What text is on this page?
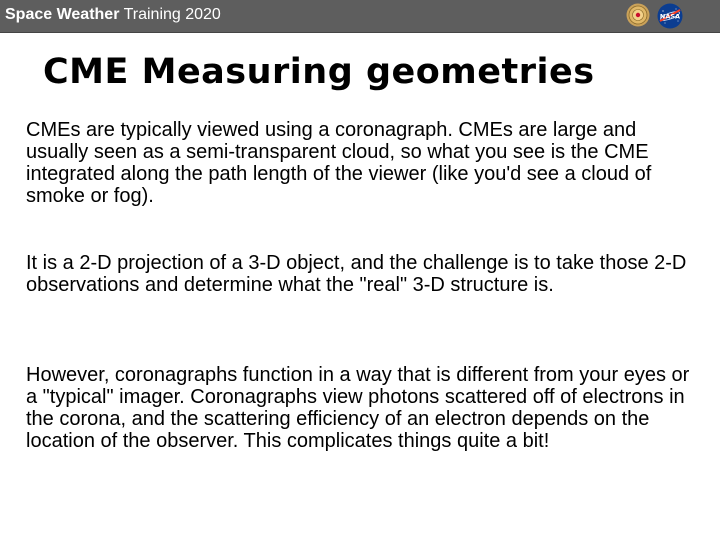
Space Weather Training 2020	NASA
CME Measuring geometries

CMEs are typically viewed using a coronagraph. CMEs are large and usually seen as a semi-transparent cloud, so what you see is the CME integrated along the path length of the viewer (like you'd see a cloud of smoke or fog).

It is a 2-D projection of a 3-D object, and the challenge is to take those 2-D observations and determine what the "real" 3-D structure is.

However, coronagraphs function in a way that is different from your eyes or a "typical" imager. Coronagraphs view photons scattered off of electrons in the corona, and the scattering efficiency of an electron depends on the location of the observer. This complicates things quite a bit!
